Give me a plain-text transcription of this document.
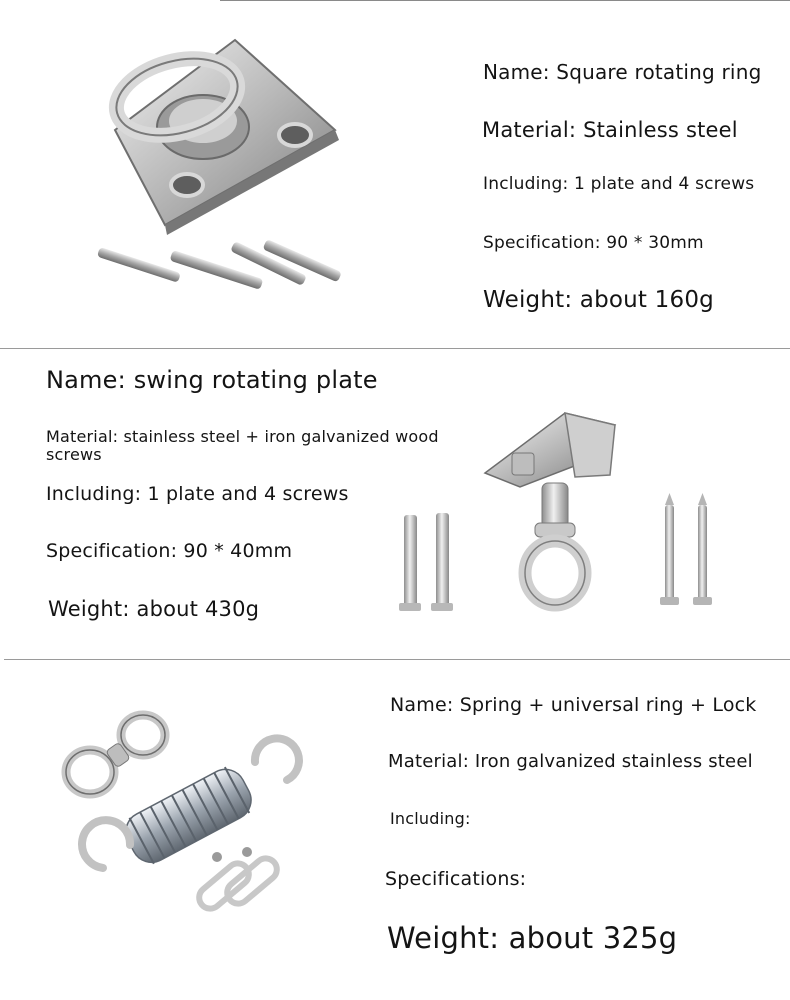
Name: Square rotating ring
Material: Stainless steel
Including: 1 plate and 4 screws
Specification: 90 * 30mm
Weight: about 160g
Name: swing rotating plate
Material: stainless steel + iron galvanized wood screws
Including: 1 plate and 4 screws
Specification: 90 * 40mm
Weight: about 430g
Name: Spring + universal ring + Lock
Material: Iron galvanized stainless steel
Including:
Specifications:
Weight: about 325g
